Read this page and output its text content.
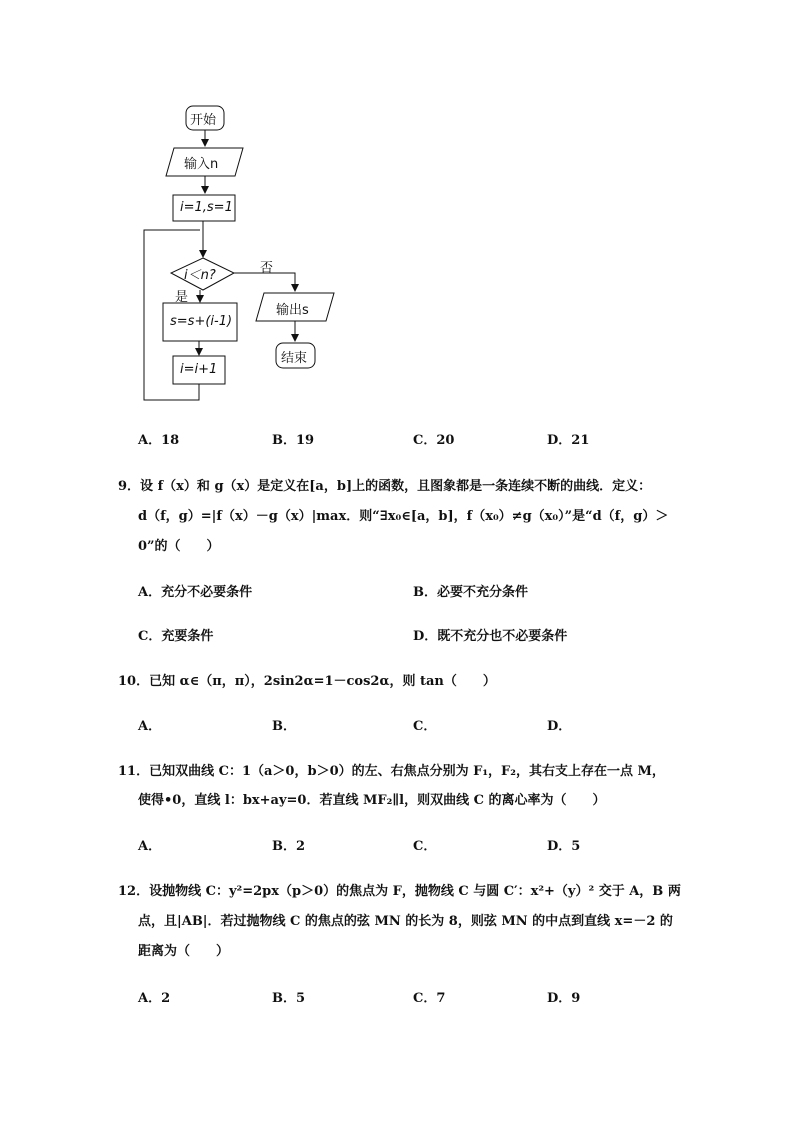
开始
输入n
i=1,s=1
i＜n?	否
是
s=s+(i-1)
i=i+1
输出s
结束
A．18	B．19	C．20	D．21
9．设 f（x）和 g（x）是定义在[a，b]上的函数，且图象都是一条连续不断的曲线．定义：
d（f，g）=|f（x）－g（x）|max．则“∃x₀∈[a，b]，f（x₀）≠g（x₀）”是“d（f，g）＞
0”的（　　）
A．充分不必要条件	B．必要不充分条件
C．充要条件	D．既不充分也不必要条件
10．已知 α∈（π，π），2sin2α=1－cos2α，则 tan（　　）
A．	B．	C．	D．
11．已知双曲线 C：1（a＞0，b＞0）的左、右焦点分别为 F₁，F₂，其右支上存在一点 M，
使得•0，直线 l：bx+ay=0．若直线 MF₂∥l，则双曲线 C 的离心率为（　　）
A．	B．2	C．	D．5
12．设抛物线 C：y²=2px（p＞0）的焦点为 F，抛物线 C 与圆 C′：x²+（y）² 交于 A，B 两
点，且|AB|．若过抛物线 C 的焦点的弦 MN 的长为 8，则弦 MN 的中点到直线 x=－2 的
距离为（　　）
A．2	B．5	C．7	D．9
